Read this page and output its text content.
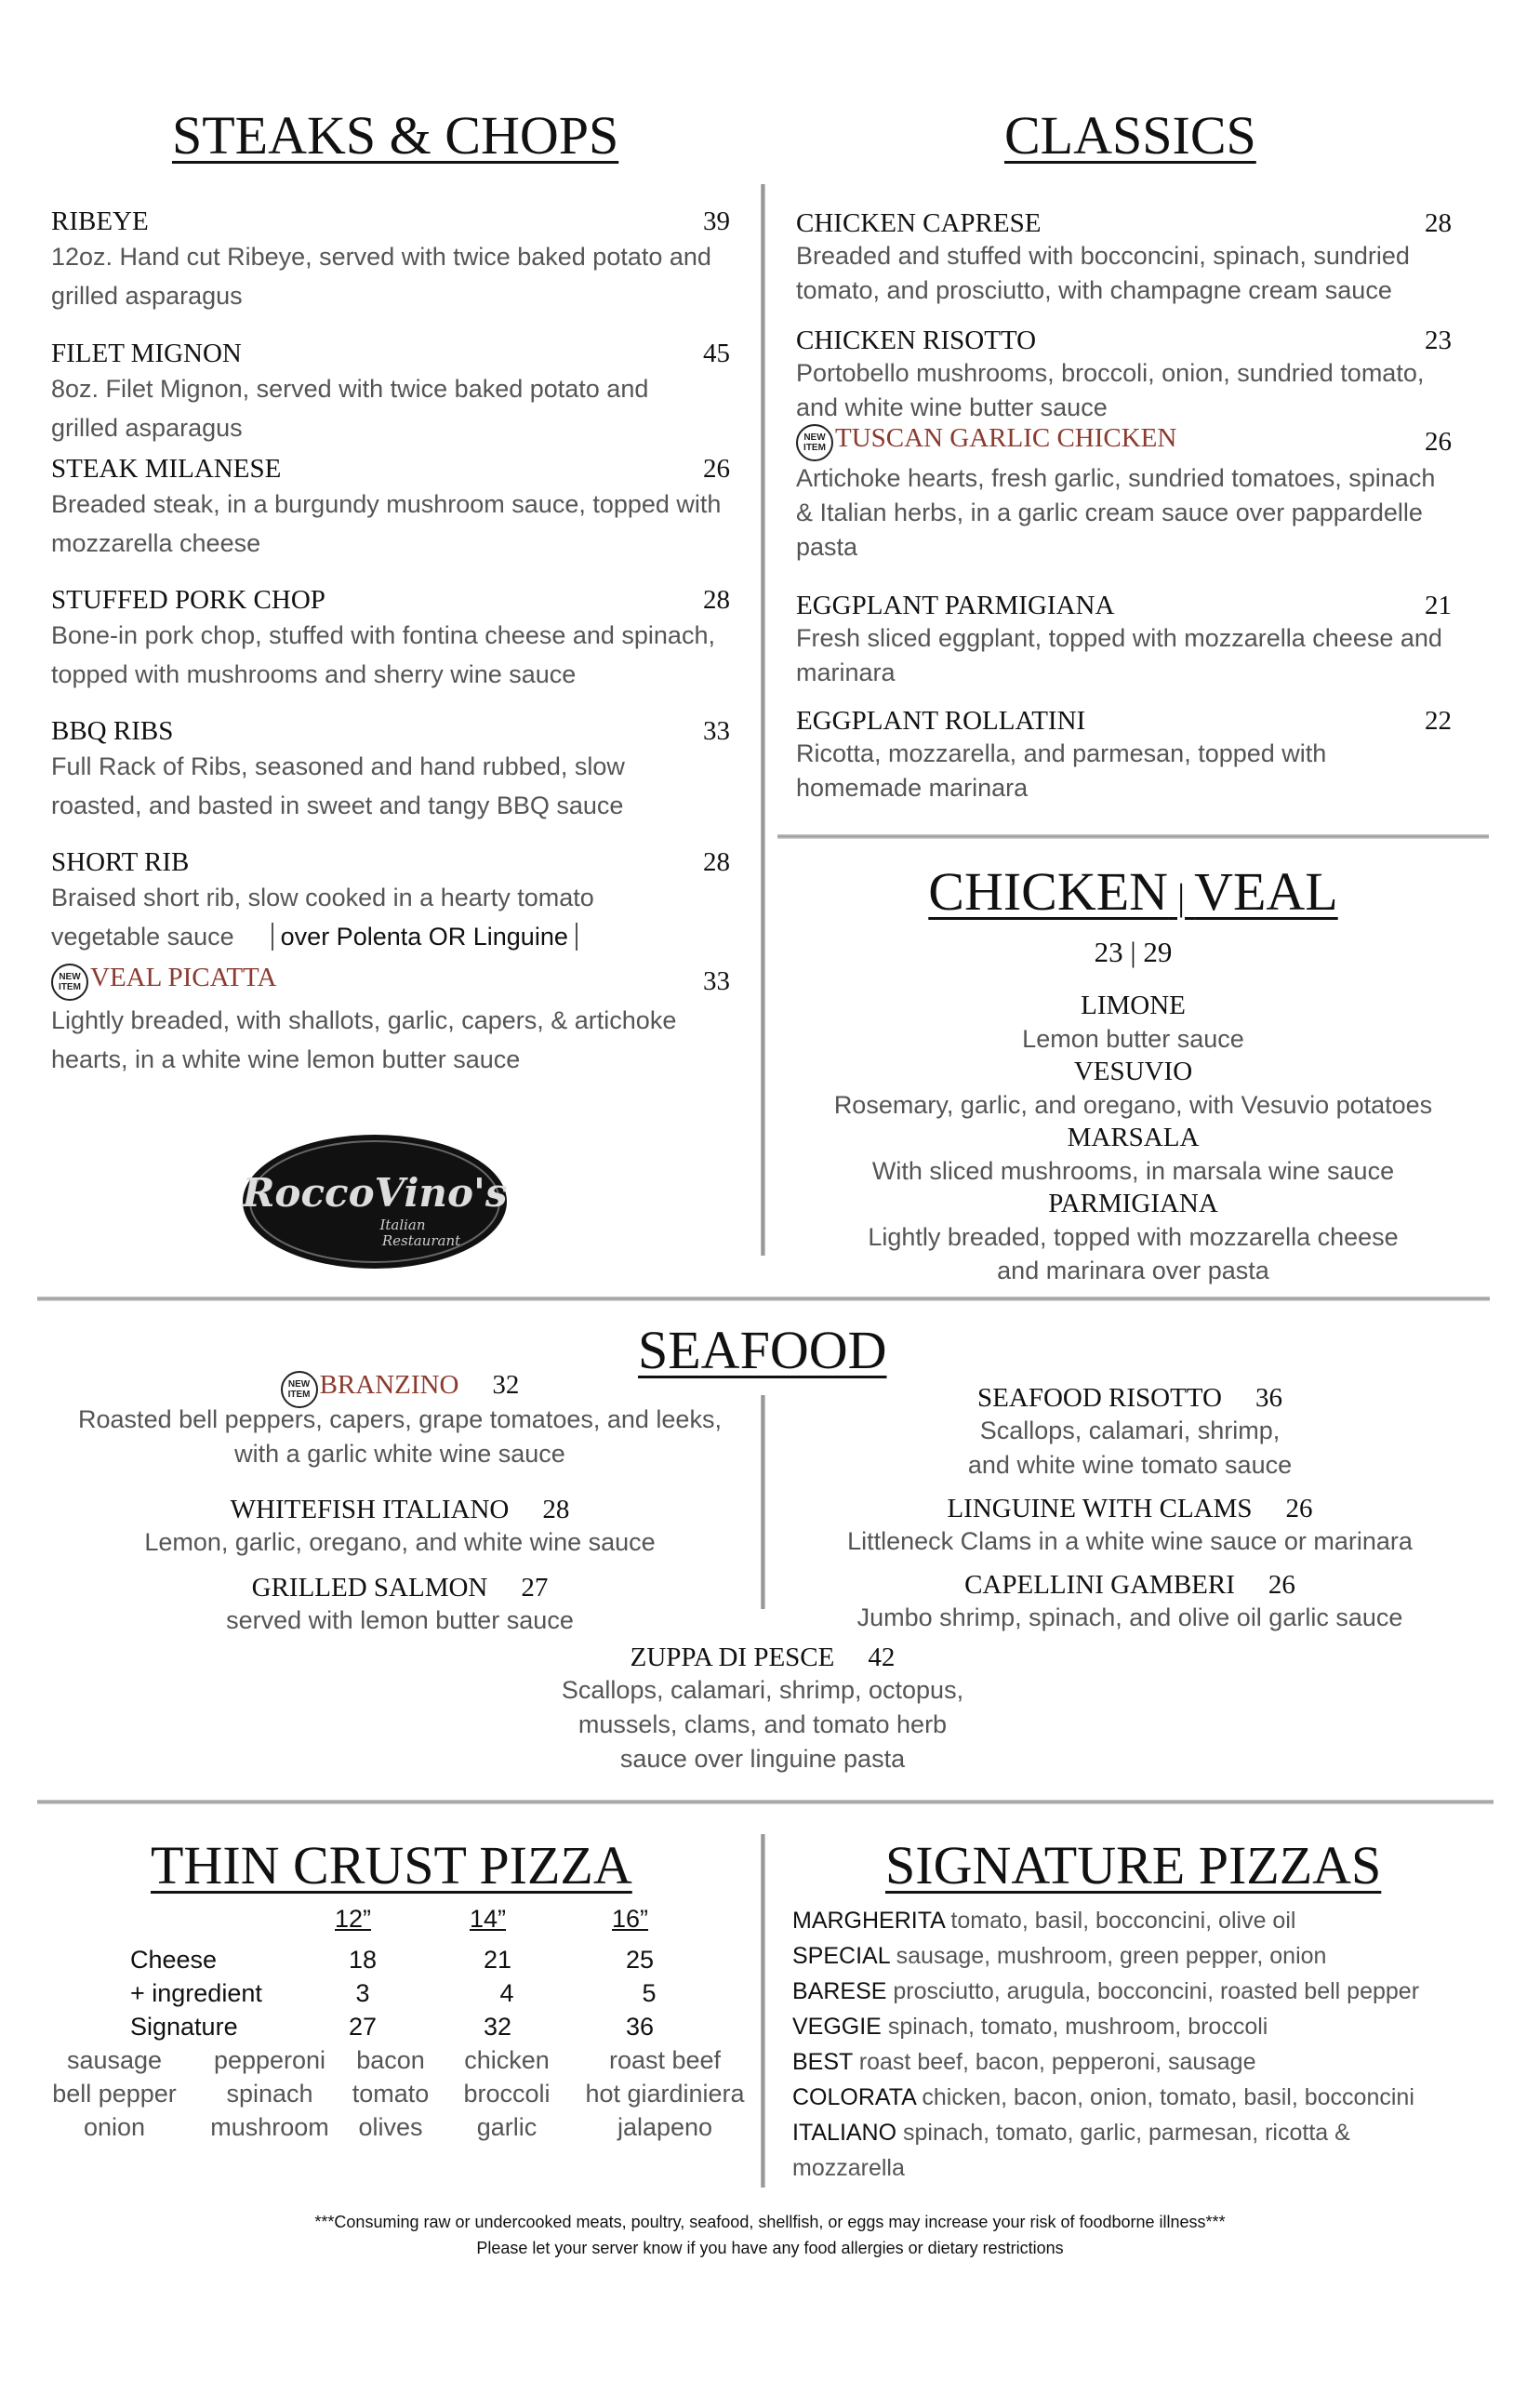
STEAKS & CHOPS
RIBEYE	39
12oz. Hand cut Ribeye, served with twice baked potato and grilled asparagus
FILET MIGNON	45
8oz. Filet Mignon, served with twice baked potato and grilled asparagus
STEAK MILANESE	26
Breaded steak, in a burgundy mushroom sauce, topped with mozzarella cheese
STUFFED PORK CHOP	28
Bone-in pork chop, stuffed with fontina cheese and spinach, topped with mushrooms and sherry wine sauce
BBQ RIBS	33
Full Rack of Ribs, seasoned and hand rubbed, slow roasted, and basted in sweet and tangy BBQ sauce
SHORT RIB	28
Braised short rib, slow cooked in a hearty tomato
vegetable sauce over Polenta OR Linguine
NEW
ITEM VEAL PICATTA	33
Lightly breaded, with shallots, garlic, capers, & artichoke hearts, in a white wine lemon butter sauce
RoccoVino's
Italian
Restaurant
CLASSICS
CHICKEN CAPRESE	28
Breaded and stuffed with bocconcini, spinach, sundried tomato, and prosciutto, with champagne cream sauce
CHICKEN RISOTTO	23
Portobello mushrooms, broccoli, onion, sundried tomato, and white wine butter sauce
NEW
ITEM TUSCAN GARLIC CHICKEN	26
Artichoke hearts, fresh garlic, sundried tomatoes, spinach & Italian herbs, in a garlic cream sauce over pappardelle pasta
EGGPLANT PARMIGIANA	21
Fresh sliced eggplant, topped with mozzarella cheese and marinara
EGGPLANT ROLLATINI	22
Ricotta, mozzarella, and parmesan, topped with homemade marinara
CHICKEN | VEAL
23 | 29
LIMONE
Lemon butter sauce
VESUVIO
Rosemary, garlic, and oregano, with Vesuvio potatoes
MARSALA
With sliced mushrooms, in marsala wine sauce
PARMIGIANA
Lightly breaded, topped with mozzarella cheese
and marinara over pasta
SEAFOOD
NEW
ITEM BRANZINO 32
Roasted bell peppers, capers, grape tomatoes, and leeks,
with a garlic white wine sauce
WHITEFISH ITALIANO 28
Lemon, garlic, oregano, and white wine sauce
GRILLED SALMON 27
served with lemon butter sauce
SEAFOOD RISOTTO 36
Scallops, calamari, shrimp,
and white wine tomato sauce
LINGUINE WITH CLAMS 26
Littleneck Clams in a white wine sauce or marinara
CAPELLINI GAMBERI 26
Jumbo shrimp, spinach, and olive oil garlic sauce
ZUPPA DI PESCE 42
Scallops, calamari, shrimp, octopus,
mussels, clams, and tomato herb
sauce over linguine pasta
THIN CRUST PIZZA
12”	14”	16”
Cheese	18	21	25
+ ingredient	3	4	5
Signature	27	32	36
sausage	pepperoni	bacon	chicken	roast beef
bell pepper	spinach	tomato	broccoli	hot giardiniera
onion	mushroom	olives	garlic	jalapeno
SIGNATURE PIZZAS
MARGHERITA tomato, basil, bocconcini, olive oil
SPECIAL sausage, mushroom, green pepper, onion
BARESE prosciutto, arugula, bocconcini, roasted bell pepper
VEGGIE spinach, tomato, mushroom, broccoli
BEST roast beef, bacon, pepperoni, sausage
COLORATA chicken, bacon, onion, tomato, basil, bocconcini
ITALIANO spinach, tomato, garlic, parmesan, ricotta &
mozzarella
***Consuming raw or undercooked meats, poultry, seafood, shellfish, or eggs may increase your risk of foodborne illness***
Please let your server know if you have any food allergies or dietary restrictions
